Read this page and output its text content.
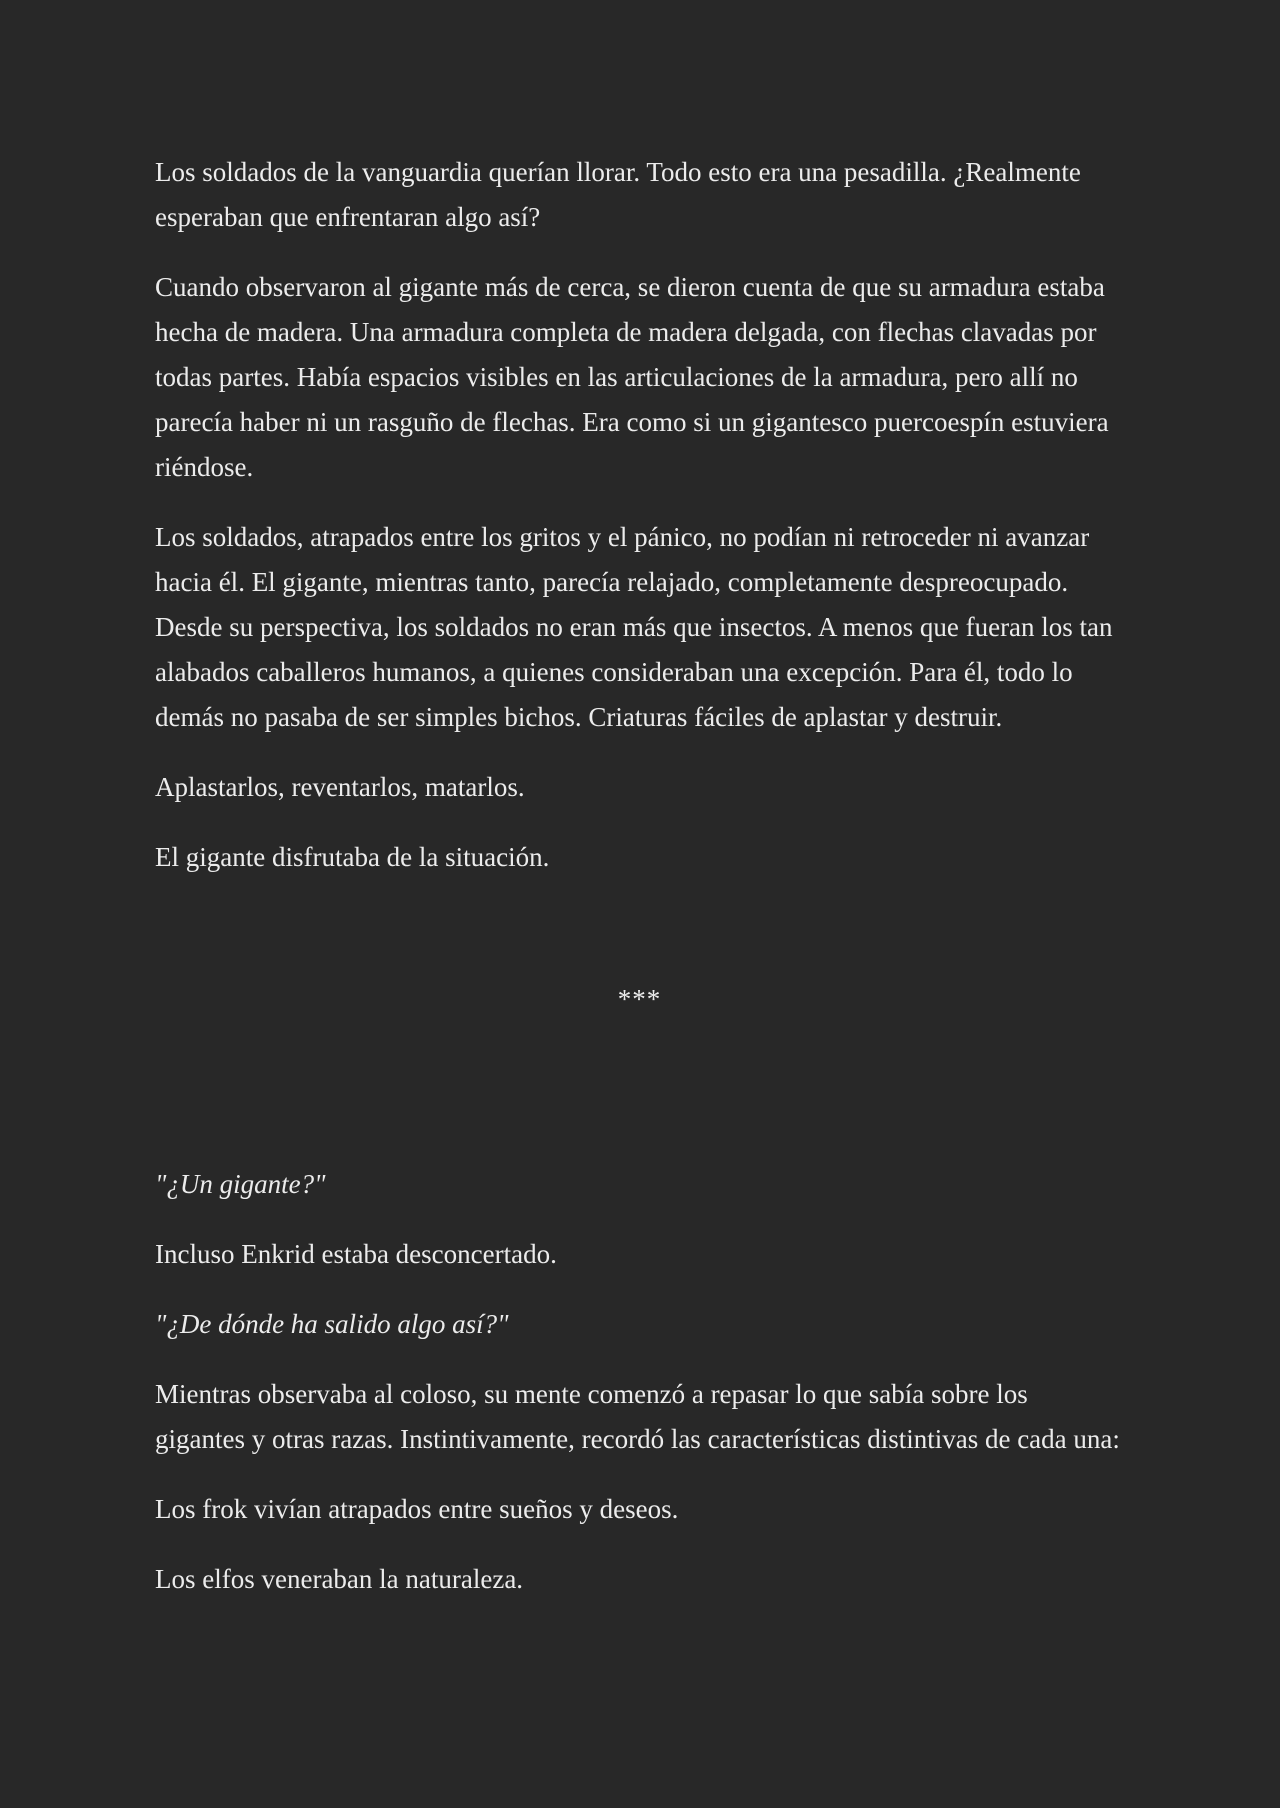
Los soldados de la vanguardia querían llorar. Todo esto era una pesadilla. ¿Realmente esperaban que enfrentaran algo así?

Cuando observaron al gigante más de cerca, se dieron cuenta de que su armadura estaba hecha de madera. Una armadura completa de madera delgada, con flechas clavadas por todas partes. Había espacios visibles en las articulaciones de la armadura, pero allí no parecía haber ni un rasguño de flechas. Era como si un gigantesco puercoespín estuviera riéndose.

Los soldados, atrapados entre los gritos y el pánico, no podían ni retroceder ni avanzar hacia él. El gigante, mientras tanto, parecía relajado, completamente despreocupado. Desde su perspectiva, los soldados no eran más que insectos. A menos que fueran los tan alabados caballeros humanos, a quienes consideraban una excepción. Para él, todo lo demás no pasaba de ser simples bichos. Criaturas fáciles de aplastar y destruir.

Aplastarlos, reventarlos, matarlos.

El gigante disfrutaba de la situación.

***

"¿Un gigante?"

Incluso Enkrid estaba desconcertado.

"¿De dónde ha salido algo así?"

Mientras observaba al coloso, su mente comenzó a repasar lo que sabía sobre los gigantes y otras razas. Instintivamente, recordó las características distintivas de cada una:

Los frok vivían atrapados entre sueños y deseos.

Los elfos veneraban la naturaleza.
